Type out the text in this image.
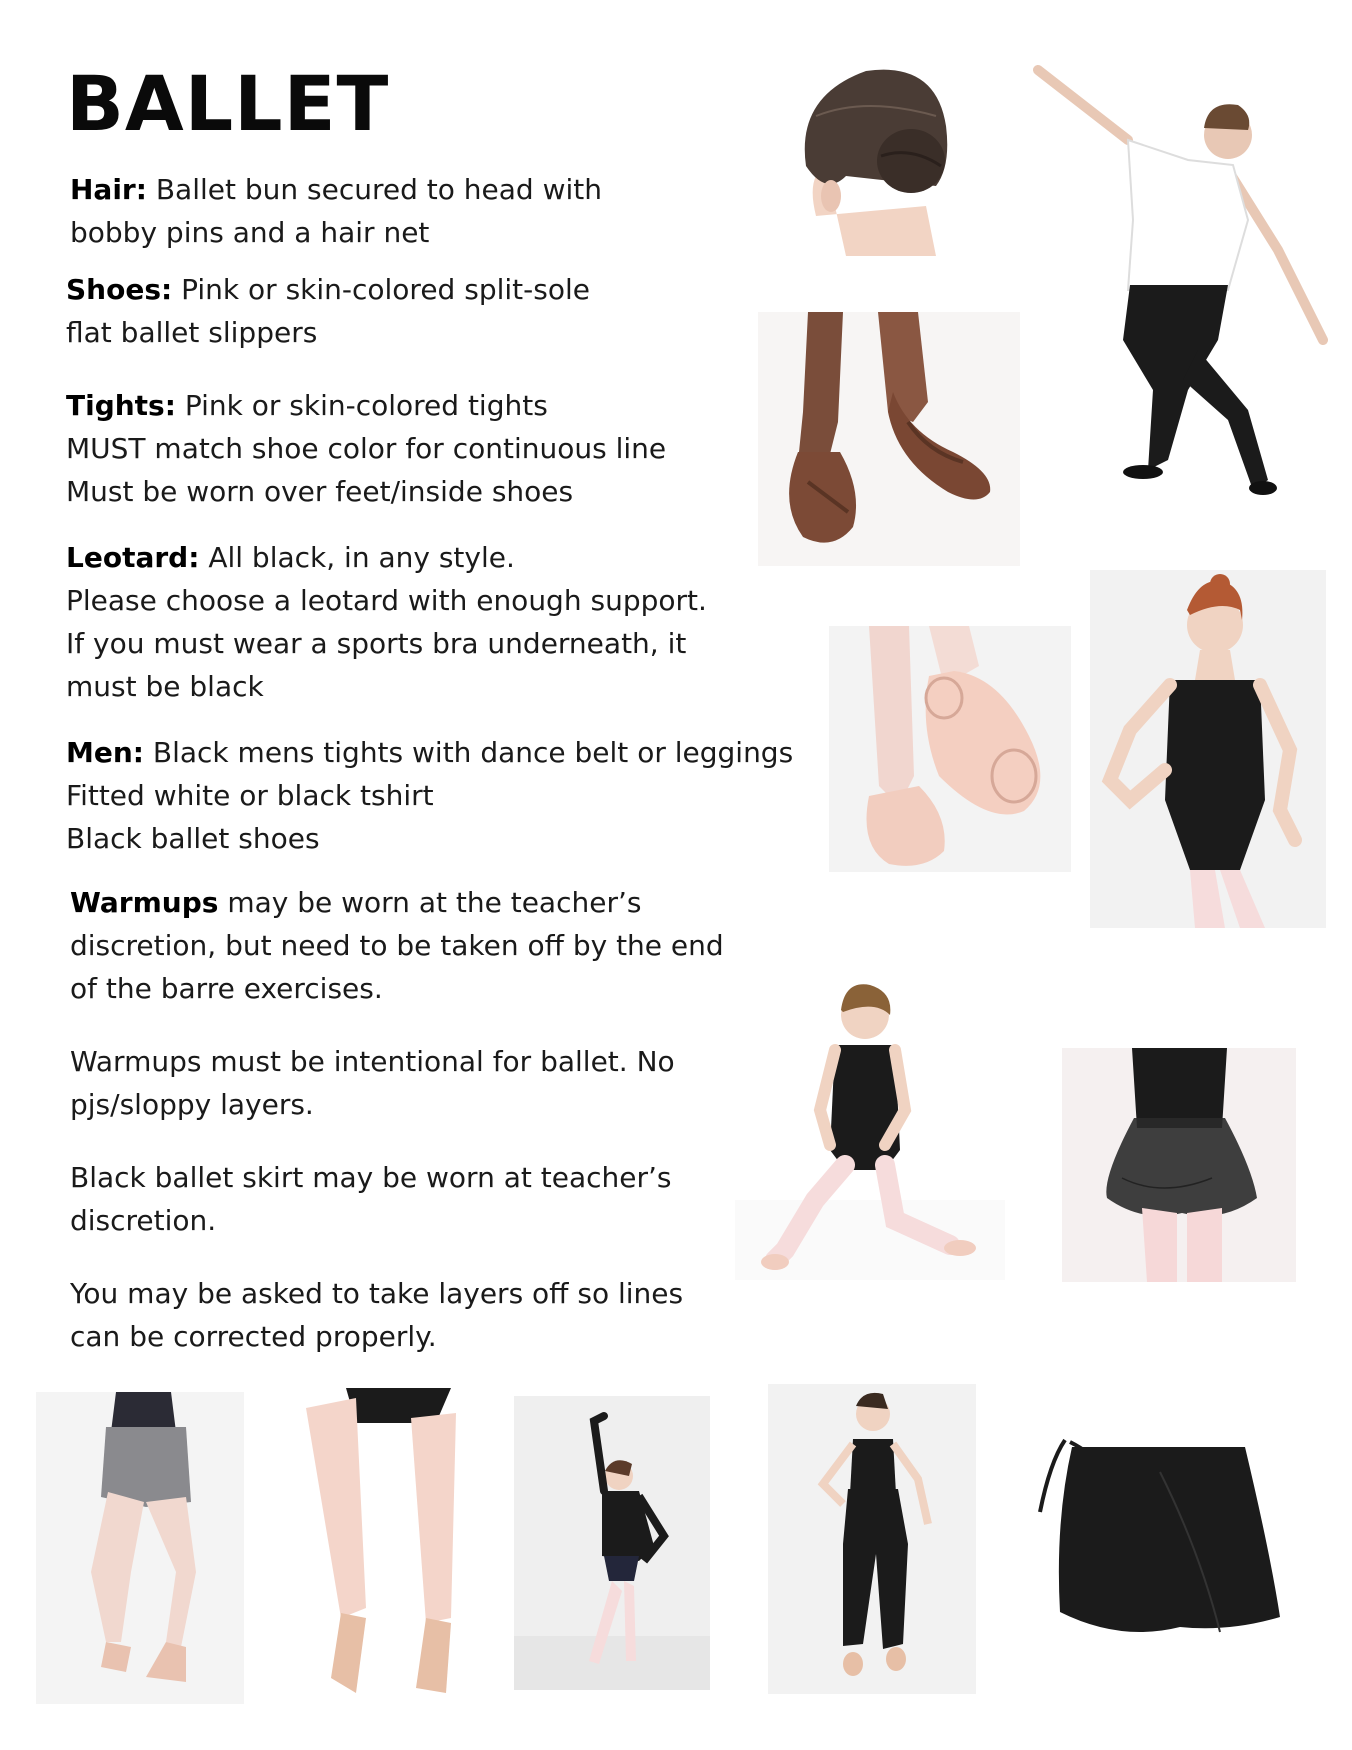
BALLET
Hair: Ballet bun secured to head with
bobby pins and a hair net
Shoes: Pink or skin-colored split-sole
flat ballet slippers
Tights: Pink or skin-colored tights
MUST match shoe color for continuous line
Must be worn over feet/inside shoes
Leotard: All black, in any style.
Please choose a leotard with enough support.
If you must wear a sports bra underneath, it
must be black
Men: Black mens tights with dance belt or leggings
Fitted white or black tshirt
Black ballet shoes
Warmups may be worn at the teacher’s
discretion, but need to be taken off by the end
of the barre exercises.
Warmups must be intentional for ballet. No
pjs/sloppy layers.
Black ballet skirt may be worn at teacher’s
discretion.
You may be asked to take layers off so lines
can be corrected properly.
